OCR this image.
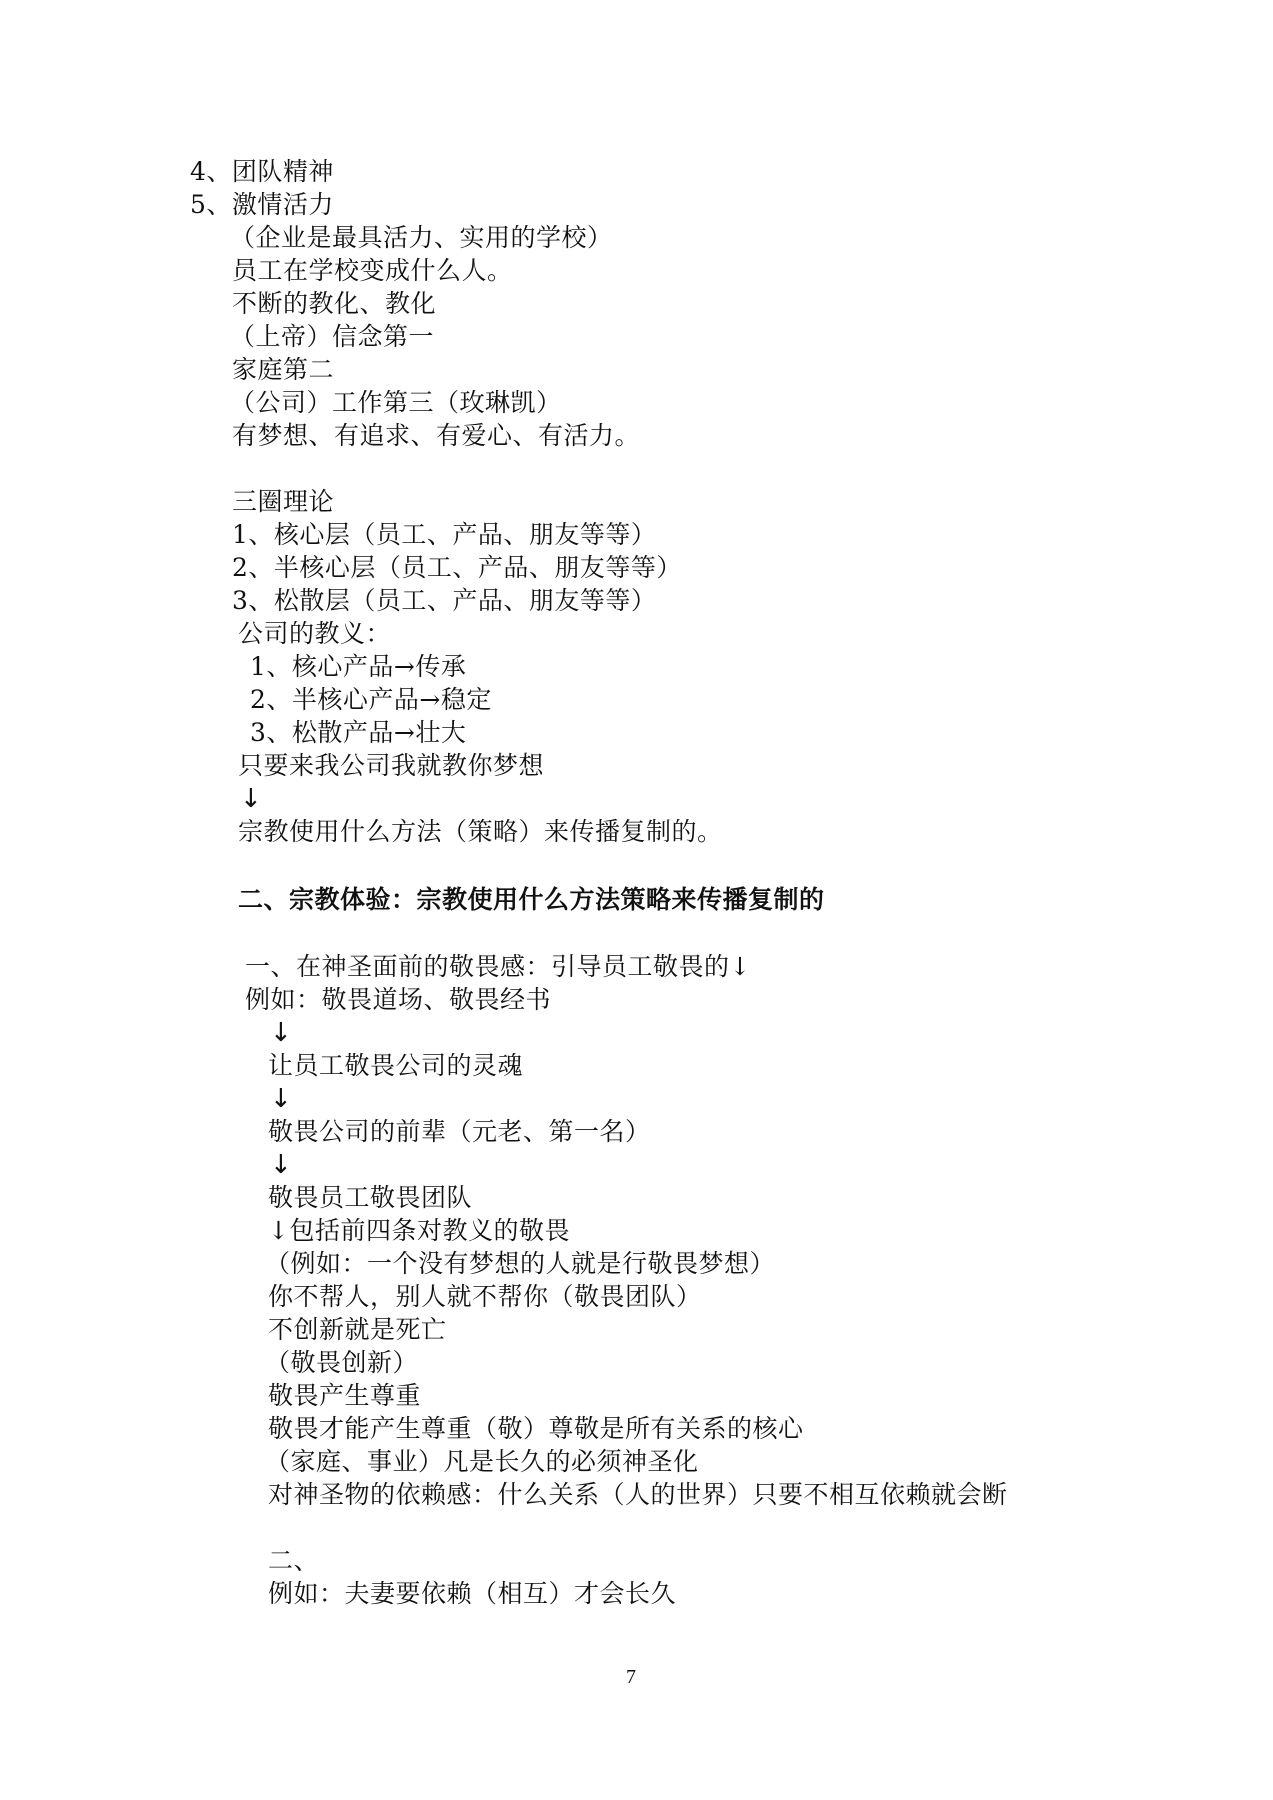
4、团队精神
5、激情活力
（企业是最具活力、实用的学校）
员工在学校变成什么人。
不断的教化、教化
（上帝）信念第一
家庭第二
（公司）工作第三（玫琳凯）
有梦想、有追求、有爱心、有活力。
三圈理论
1、核心层（员工、产品、朋友等等）
2、半核心层（员工、产品、朋友等等）
3、松散层（员工、产品、朋友等等）
公司的教义：
1、核心产品→传承
2、半核心产品→稳定
3、松散产品→壮大
只要来我公司我就教你梦想
↓
宗教使用什么方法（策略）来传播复制的。
二、宗教体验：宗教使用什么方法策略来传播复制的
一、在神圣面前的敬畏感：引导员工敬畏的↓
例如：敬畏道场、敬畏经书
↓
让员工敬畏公司的灵魂
↓
敬畏公司的前辈（元老、第一名）
↓
敬畏员工敬畏团队
↓包括前四条对教义的敬畏
（例如：一个没有梦想的人就是行敬畏梦想）
你不帮人，别人就不帮你（敬畏团队）
不创新就是死亡
（敬畏创新）
敬畏产生尊重
敬畏才能产生尊重（敬）尊敬是所有关系的核心
（家庭、事业）凡是长久的必须神圣化
对神圣物的依赖感：什么关系（人的世界）只要不相互依赖就会断
二、
例如：夫妻要依赖（相互）才会长久
7
